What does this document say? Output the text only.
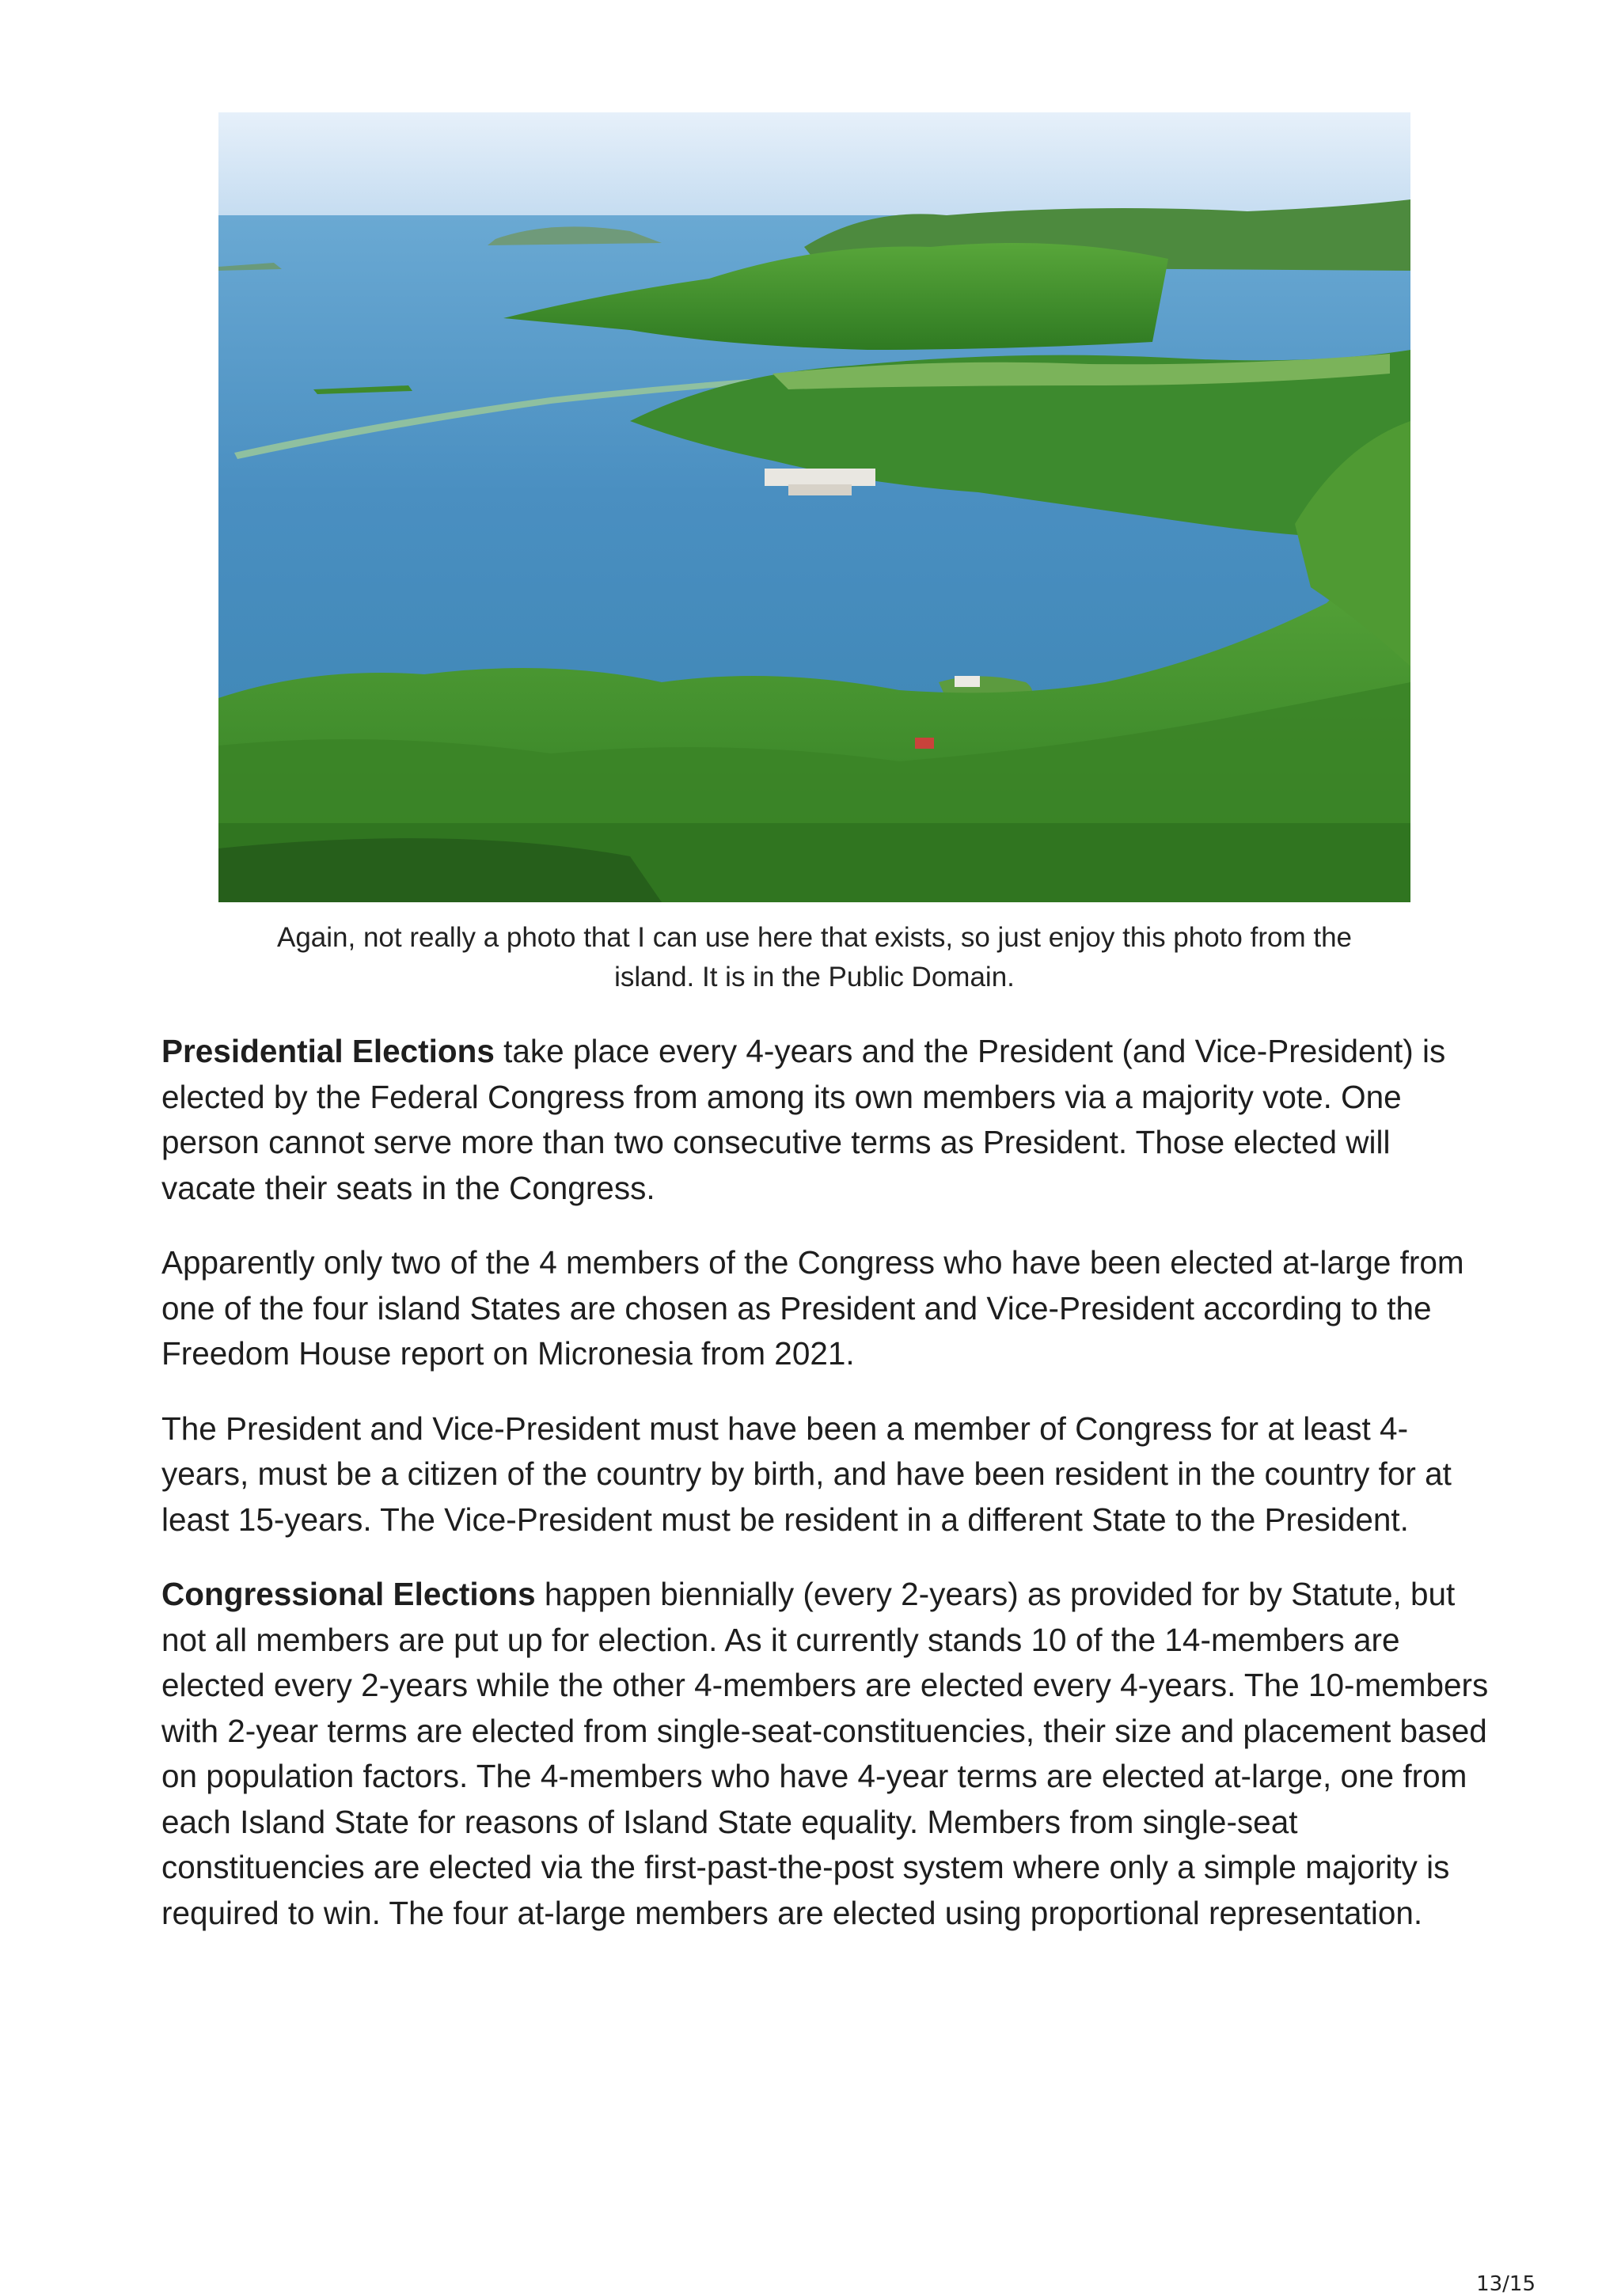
Again, not really a photo that I can use here that exists, so just enjoy this photo from the
island. It is in the Public Domain.

Presidential Elections take place every 4-years and the President (and Vice-President) is elected by the Federal Congress from among its own members via a majority vote. One person cannot serve more than two consecutive terms as President. Those elected will vacate their seats in the Congress.

Apparently only two of the 4 members of the Congress who have been elected at-large from one of the four island States are chosen as President and Vice-President according to the Freedom House report on Micronesia from 2021.

The President and Vice-President must have been a member of Congress for at least 4-years, must be a citizen of the country by birth, and have been resident in the country for at least 15-years. The Vice-President must be resident in a different State to the President.

Congressional Elections happen biennially (every 2-years) as provided for by Statute, but not all members are put up for election. As it currently stands 10 of the 14-members are elected every 2-years while the other 4-members are elected every 4-years. The 10-members with 2-year terms are elected from single-seat-constituencies, their size and placement based on population factors. The 4-members who have 4-year terms are elected at-large, one from each Island State for reasons of Island State equality. Members from single-seat constituencies are elected via the first-past-the-post system where only a simple majority is required to win. The four at-large members are elected using proportional representation.

13/15
